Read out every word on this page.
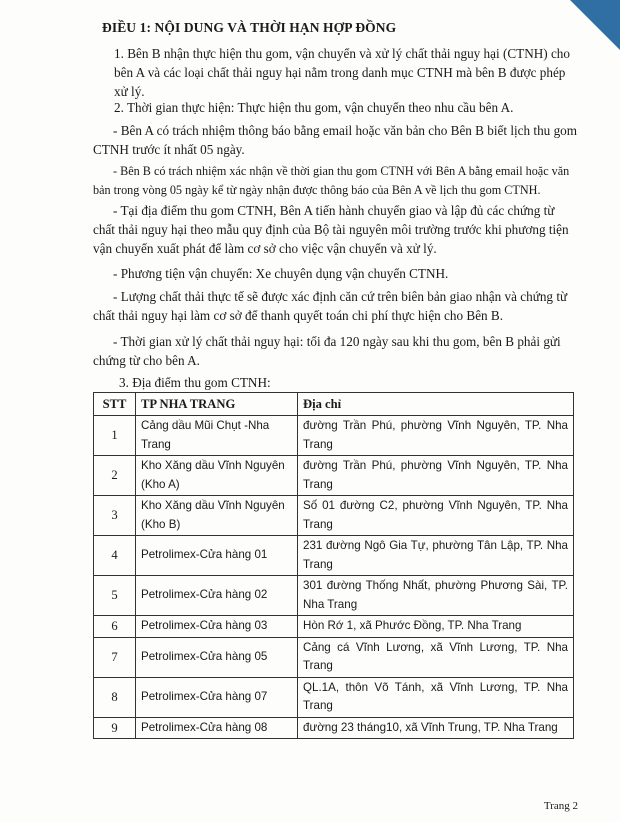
ĐIỀU 1: NỘI DUNG VÀ THỜI HẠN HỢP ĐỒNG

1. Bên B nhận thực hiện thu gom, vận chuyển và xử lý chất thải nguy hại (CTNH) cho bên A và các loại chất thải nguy hại nằm trong danh mục CTNH mà bên B được phép xử lý.

2. Thời gian thực hiện: Thực hiện thu gom, vận chuyển theo nhu cầu bên A.

- Bên A có trách nhiệm thông báo bằng email hoặc văn bản cho Bên B biết lịch thu gom CTNH trước ít nhất 05 ngày.

- Bên B có trách nhiệm xác nhận về thời gian thu gom CTNH với Bên A bằng email hoặc văn bản trong vòng 05 ngày kể từ ngày nhận được thông báo của Bên A về lịch thu gom CTNH.

- Tại địa điểm thu gom CTNH, Bên A tiến hành chuyển giao và lập đủ các chứng từ chất thải nguy hại theo mẫu quy định của Bộ tài nguyên môi trường trước khi phương tiện vận chuyển xuất phát để làm cơ sở cho việc vận chuyển và xử lý.

- Phương tiện vận chuyển: Xe chuyên dụng vận chuyển CTNH.

- Lượng chất thải thực tế sẽ được xác định căn cứ trên biên bản giao nhận và chứng từ chất thải nguy hại làm cơ sở để thanh quyết toán chi phí thực hiện cho Bên B.

- Thời gian xử lý chất thải nguy hại: tối đa 120 ngày sau khi thu gom, bên B phải gửi chứng từ cho bên A.

3. Địa điểm thu gom CTNH:

STT	TP NHA TRANG	Địa chỉ
1	Cảng dầu Mũi Chụt -Nha Trang	đường Trần Phú, phường Vĩnh Nguyên, TP. Nha Trang
2	Kho Xăng dầu Vĩnh Nguyên (Kho A)	đường Trần Phú, phường Vĩnh Nguyên, TP. Nha Trang
3	Kho Xăng dầu Vĩnh Nguyên (Kho B)	Số 01 đường C2, phường Vĩnh Nguyên, TP. Nha Trang
4	Petrolimex-Cửa hàng 01	231 đường Ngô Gia Tự, phường Tân Lập, TP. Nha Trang
5	Petrolimex-Cửa hàng 02	301 đường Thống Nhất, phường Phương Sài, TP. Nha Trang
6	Petrolimex-Cửa hàng 03	Hòn Rớ 1, xã Phước Đồng, TP. Nha Trang
7	Petrolimex-Cửa hàng 05	Cảng cá Vĩnh Lương, xã Vĩnh Lương, TP. Nha Trang
8	Petrolimex-Cửa hàng 07	QL.1A, thôn Võ Tánh, xã Vĩnh Lương, TP. Nha Trang
9	Petrolimex-Cửa hàng 08	đường 23 tháng10, xã Vĩnh Trung, TP. Nha Trang
Trang 2
